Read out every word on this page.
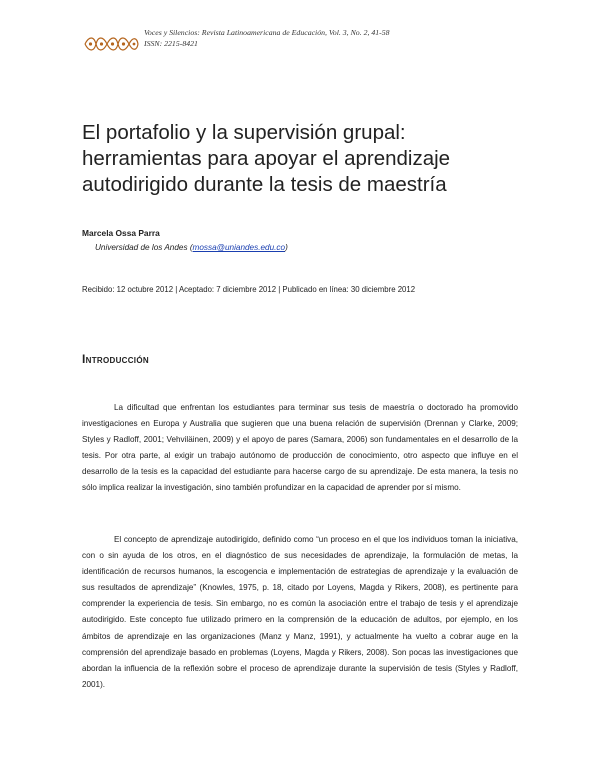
Voces y Silencios: Revista Latinoamericana de Educación, Vol. 3, No. 2, 41-58
ISSN: 2215-8421
El portafolio y la supervisión grupal:
herramientas para apoyar el aprendizaje
autodirigido durante la tesis de maestría
Marcela Ossa Parra
Universidad de los Andes (mossa@uniandes.edu.co)
Recibido: 12 octubre 2012 | Aceptado: 7 diciembre 2012 | Publicado en línea: 30 diciembre 2012
Introducción

La dificultad que enfrentan los estudiantes para terminar sus tesis de maestría o doctorado ha promovido investigaciones en Europa y Australia que sugieren que una buena relación de supervisión (Drennan y Clarke, 2009; Styles y Radloff, 2001; Vehviläinen, 2009) y el apoyo de pares (Samara, 2006) son fundamentales en el desarrollo de la tesis. Por otra parte, al exigir un trabajo autónomo de producción de conocimiento, otro aspecto que influye en el desarrollo de la tesis es la capacidad del estudiante para hacerse cargo de su aprendizaje. De esta manera, la tesis no sólo implica realizar la investigación, sino también profundizar en la capacidad de aprender por sí mismo.

El concepto de aprendizaje autodirigido, definido como “un proceso en el que los individuos toman la iniciativa, con o sin ayuda de los otros, en el diagnóstico de sus necesidades de aprendizaje, la formulación de metas, la identificación de recursos humanos, la escogencia e implementación de estrategias de aprendizaje y la evaluación de sus resultados de aprendizaje” (Knowles, 1975, p. 18, citado por Loyens, Magda y Rikers, 2008), es pertinente para comprender la experiencia de tesis. Sin embargo, no es común la asociación entre el trabajo de tesis y el aprendizaje autodirigido. Este concepto fue utilizado primero en la comprensión de la educación de adultos, por ejemplo, en los ámbitos de aprendizaje en las organizaciones (Manz y Manz, 1991), y actualmente ha vuelto a cobrar auge en la comprensión del aprendizaje basado en problemas (Loyens, Magda y Rikers, 2008). Son pocas las investigaciones que abordan la influencia de la reflexión sobre el proceso de aprendizaje durante la supervisión de tesis (Styles y Radloff, 2001).
